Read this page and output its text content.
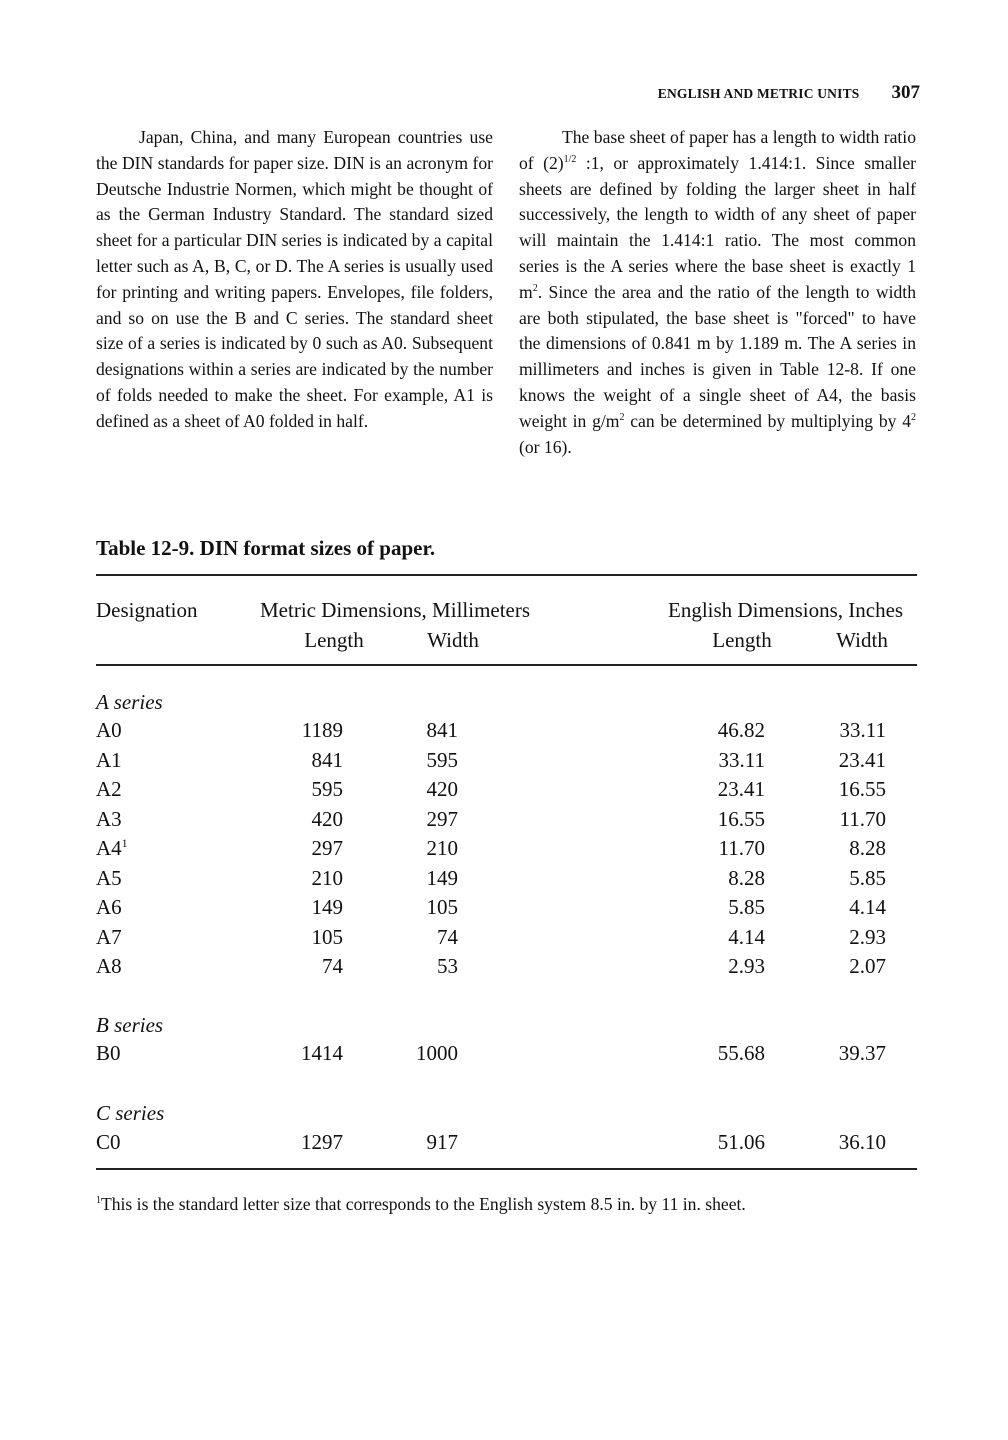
ENGLISH AND METRIC UNITS 307

Japan, China, and many European countries use the DIN standards for paper size. DIN is an acronym for Deutsche Industrie Normen, which might be thought of as the German Industry Standard. The standard sized sheet for a particular DIN series is indicated by a capital letter such as A, B, C, or D. The A series is usually used for printing and writing papers. Envelopes, file folders, and so on use the B and C series. The standard sheet size of a series is indicated by 0 such as A0. Subsequent designations within a series are indicated by the number of folds needed to make the sheet. For example, A1 is defined as a sheet of A0 folded in half.

The base sheet of paper has a length to width ratio of $(2)^{1/2}$ :1, or approximately 1.414:1. Since smaller sheets are defined by folding the larger sheet in half successively, the length to width of any sheet of paper will maintain the 1.414:1 ratio. The most common series is the A series where the base sheet is exactly 1 $m^2$. Since the area and the ratio of the length to width are both stipulated, the base sheet is "forced" to have the dimensions of 0.841 m by 1.189 m. The A series in millimeters and inches is given in Table 12-8. If one knows the weight of a single sheet of A4, the basis weight in $g/m^2$ can be determined by multiplying by $4^2$ (or 16).

Table 12-9. DIN format sizes of paper.
Designation	Metric Dimensions, Millimeters	English Dimensions, Inches
Length	Width	Length	Width
A series
A0	1189	841	46.82	33.11
A1	841	595	33.11	23.41
A2	595	420	23.41	16.55
A3	420	297	16.55	11.70
$A4^1$	297	210	11.70	8.28
A5	210	149	8.28	5.85
A6	149	105	5.85	4.14
A7	105	74	4.14	2.93
A8	74	53	2.93	2.07
B series
B0	1414	1000	55.68	39.37
C series
C0	1297	917	51.06	36.10

$^1$This is the standard letter size that corresponds to the English system 8.5 in. by 11 in. sheet.
